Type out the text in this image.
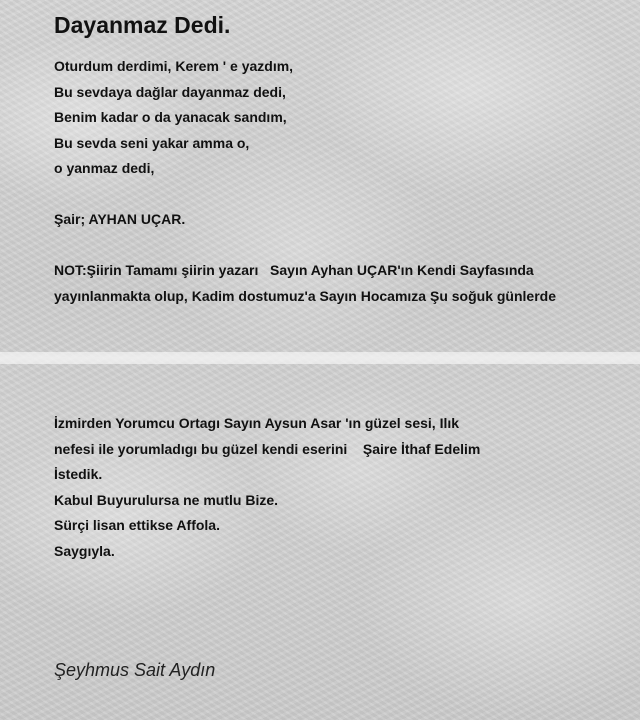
Dayanmaz Dedi.
Oturdum derdimi, Kerem ' e yazdım,
Bu sevdaya dağlar dayanmaz dedi,
Benim kadar o da yanacak sandım,
Bu sevda seni yakar amma o,
o yanmaz dedi,
Şair; AYHAN UÇAR.
NOT:Şiirin Tamamı şiirin yazarı   Sayın Ayhan UÇAR'ın Kendi Sayfasında
yayınlanmakta olup, Kadim dostumuz'a Sayın Hocamıza Şu soğuk günlerde
İzmirden Yorumcu Ortagı Sayın Aysun Asar 'ın güzel sesi, Ilık
nefesi ile yorumladıgı bu güzel kendi eserini    Şaire İthaf Edelim
İstedik.
Kabul Buyurulursa ne mutlu Bize.
Sürçi lisan ettikse Affola.
Saygıyla.
Şeyhmus Sait Aydın
